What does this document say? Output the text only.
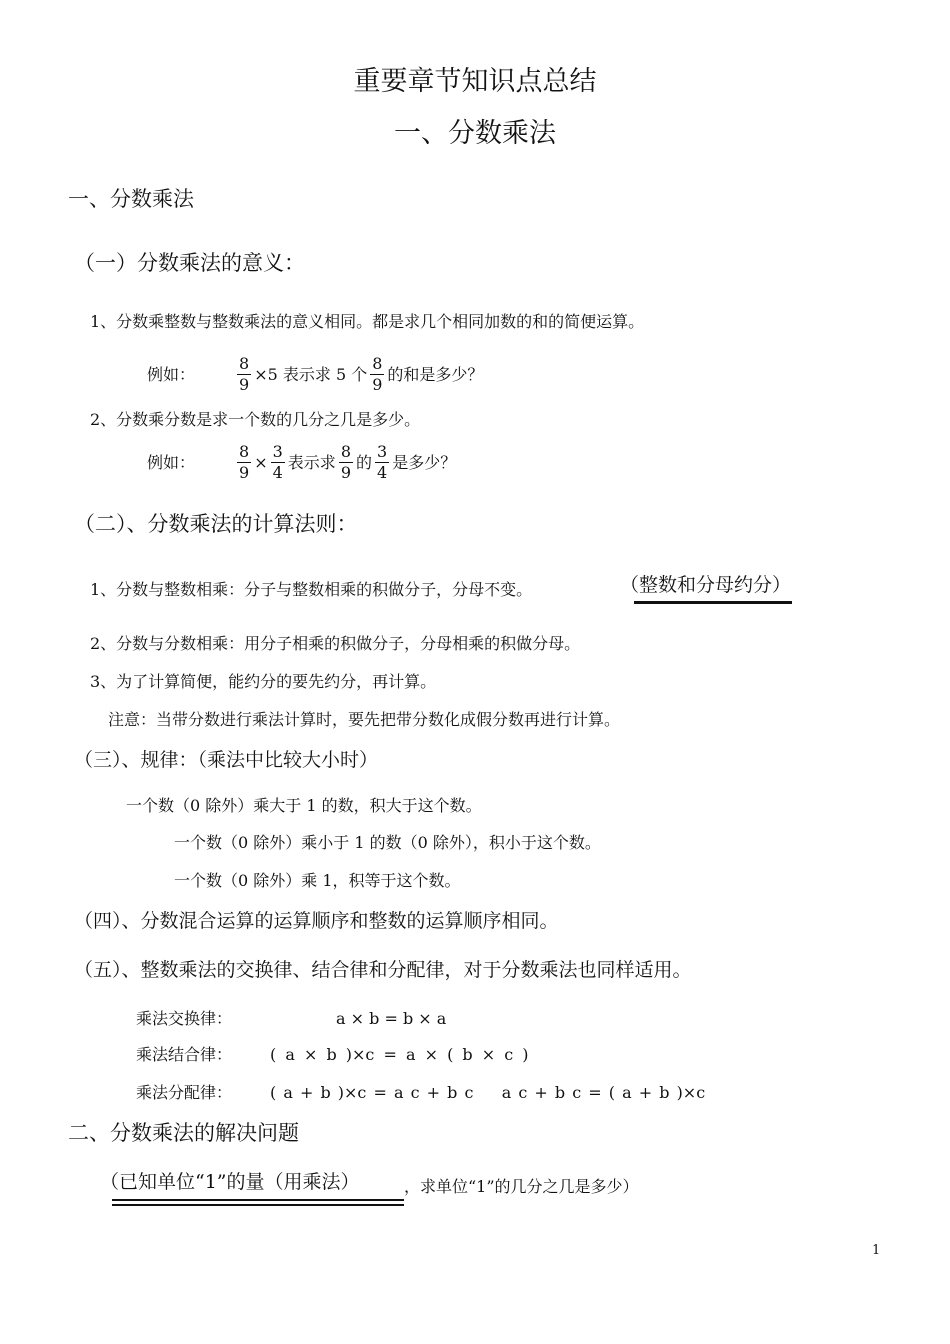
重要章节知识点总结
一、分数乘法
一、分数乘法
（一）分数乘法的意义：
1、分数乘整数与整数乘法的意义相同。都是求几个相同加数的和的简便运算。
例如：	$\frac{8}{9} \times 5$ 表示求 5 个 $\frac{8}{9}$ 的和是多少？
2、分数乘分数是求一个数的几分之几是多少。
例如：	$\frac{8}{9} \times \frac{3}{4}$ 表示求 $\frac{8}{9}$ 的 $\frac{3}{4}$ 是多少？
（二）、分数乘法的计算法则：
1、分数与整数相乘：分子与整数相乘的积做分子，分母不变。	（整数和分母约分）
2、分数与分数相乘：用分子相乘的积做分子，分母相乘的积做分母。
3、为了计算简便，能约分的要先约分，再计算。
注意：当带分数进行乘法计算时，要先把带分数化成假分数再进行计算。
（三）、规律：（乘法中比较大小时）
一个数（0 除外）乘大于 1 的数，积大于这个数。
一个数（0 除外）乘小于 1 的数（0 除外），积小于这个数。
一个数（0 除外）乘 1，积等于这个数。
（四）、分数混合运算的运算顺序和整数的运算顺序相同。
（五）、整数乘法的交换律、结合律和分配律，对于分数乘法也同样适用。
乘法交换律：	a × b = b × a
乘法结合律： ( a × b )×c = a × ( b × c )
乘法分配律： ( a + b )×c = a c + b c    a c + b c = ( a + b )×c
二、分数乘法的解决问题
（已知单位“1”的量（用乘法）	，求单位“1”的几分之几是多少）
1
